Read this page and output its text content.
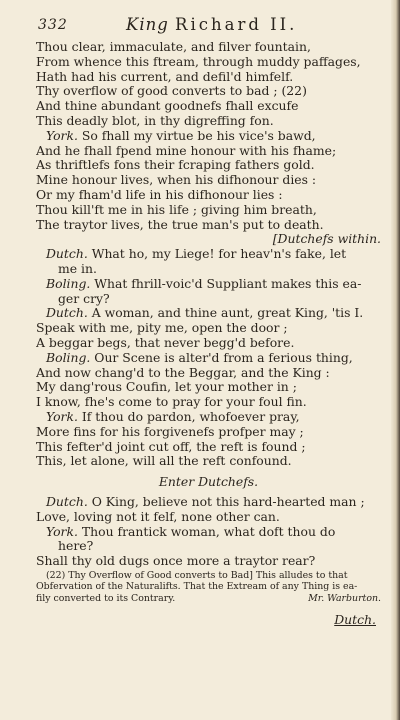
332	King Richard II.
Thou clear, immaculate, and filver fountain,
From whence this ftream, through muddy paffages,
Hath had his current, and defil'd himfelf.
Thy overflow of good converts to bad ; (22)
And thine abundant goodnefs fhall excufe
This deadly blot, in thy digreffing fon.
York. So fhall my virtue be his vice's bawd,
And he fhall fpend mine honour with his fhame;
As thriftlefs fons their fcraping fathers gold.
Mine honour lives, when his difhonour dies :
Or my fham'd life in his difhonour lies :
Thou kill'ft me in his life ; giving him breath,
The traytor lives, the true man's put to death.
[Dutchefs within.
Dutch. What ho, my Liege! for heav'n's fake, let
me in.
Boling. What fhrill-voic'd Suppliant makes this ea-
ger cry?
Dutch. A woman, and thine aunt, great King, 'tis I.
Speak with me, pity me, open the door ;
A beggar begs, that never begg'd before.
Boling. Our Scene is alter'd from a ferious thing,
And now chang'd to the Beggar, and the King :
My dang'rous Coufin, let your mother in ;
I know, fhe's come to pray for your foul fin.
York. If thou do pardon, whofoever pray,
More fins for his forgivenefs profper may ;
This fefter'd joint cut off, the reft is found ;
This, let alone, will all the reft confound.
Enter Dutchefs.
Dutch. O King, believe not this hard-hearted man ;
Love, loving not it felf, none other can.
York. Thou frantick woman, what doft thou do
here?
Shall thy old dugs once more a traytor rear?
(22) Thy Overflow of Good converts to Bad] This alludes to that
Obfervation of the Naturalifts. That the Extream of any Thing is ea-
fily converted to its Contrary.	Mr. Warburton.
Dutch.
